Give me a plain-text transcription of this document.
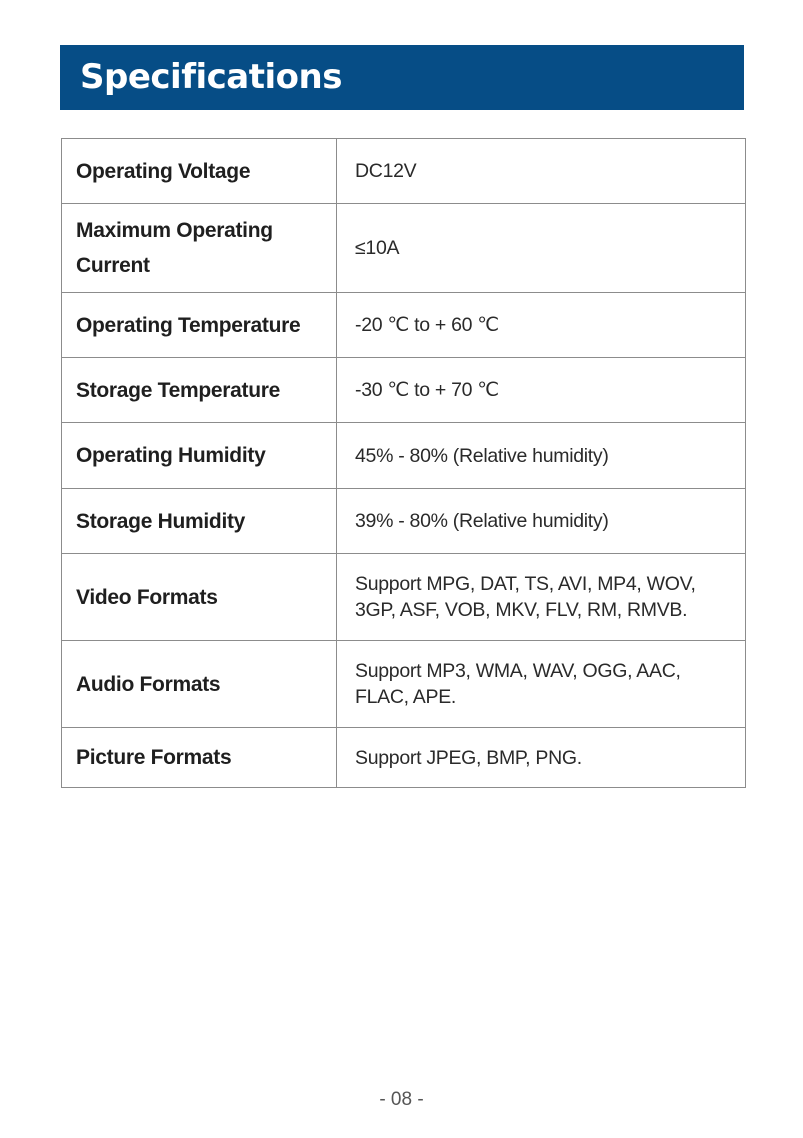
Specifications
Operating Voltage	DC12V
Maximum Operating Current	≤10A
Operating Temperature	-20 ℃ to + 60 ℃
Storage Temperature	-30 ℃ to + 70 ℃
Operating Humidity	45% - 80% (Relative humidity)
Storage Humidity	39% - 80% (Relative humidity)
Video Formats	Support MPG, DAT, TS, AVI, MP4, WOV, 3GP, ASF, VOB, MKV, FLV, RM, RMVB.
Audio Formats	Support MP3, WMA, WAV, OGG, AAC, FLAC, APE.
Picture Formats	Support JPEG, BMP, PNG.
- 08 -
